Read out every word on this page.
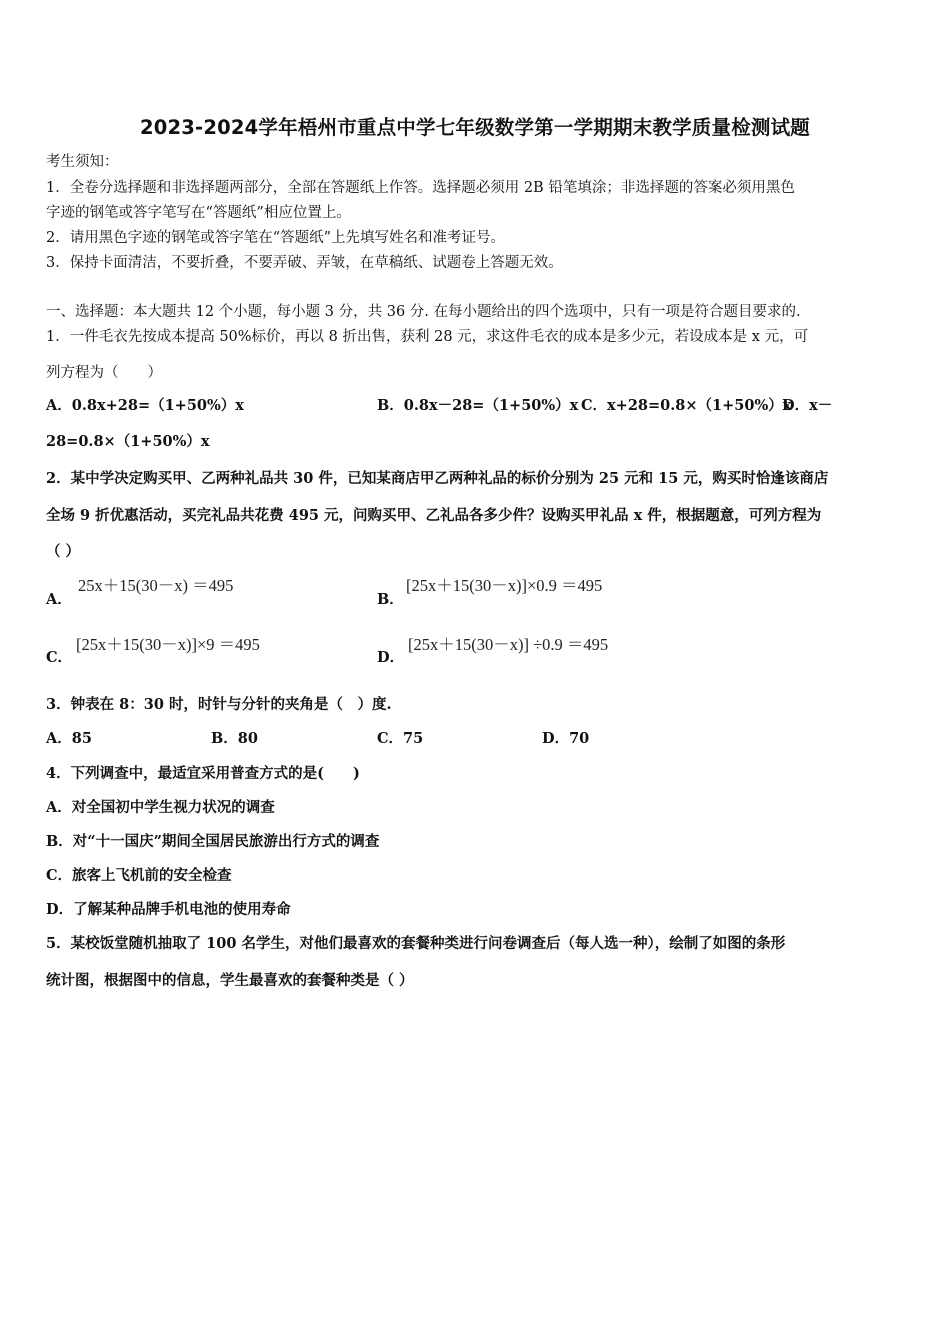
2023-2024学年梧州市重点中学七年级数学第一学期期末教学质量检测试题
考生须知：
1．全卷分选择题和非选择题两部分，全部在答题纸上作答。选择题必须用 2B 铅笔填涂；非选择题的答案必须用黑色
字迹的钢笔或答字笔写在“答题纸”相应位置上。
2．请用黑色字迹的钢笔或答字笔在“答题纸”上先填写姓名和准考证号。
3．保持卡面清洁，不要折叠，不要弄破、弄皱，在草稿纸、试题卷上答题无效。
一、选择题：本大题共 12 个小题，每小题 3 分，共 36 分. 在每小题给出的四个选项中，只有一项是符合题目要求的.
1．一件毛衣先按成本提高 50%标价，再以 8 折出售，获利 28 元，求这件毛衣的成本是多少元，若设成本是 x 元，可
列方程为（　　）
A．0.8x+28=（1+50%）x	B．0.8x－28=（1+50%）x C．x+28=0.8×（1+50%）x
D．x－
28=0.8×（1+50%）x
2．某中学决定购买甲、乙两种礼品共 30 件，已知某商店甲乙两种礼品的标价分别为 25 元和 15 元，购买时恰逢该商店
全场 9 折优惠活动，买完礼品共花费 495 元，问购买甲、乙礼品各多少件？设购买甲礼品 x 件，根据题意，可列方程为
（ ）
A．
25x＋15(30－x) ＝495
B．
[25x＋15(30－x)]×0.9 ＝495
C．
[25x＋15(30－x)]×9 ＝495
D．
[25x＋15(30－x)] ÷0.9 ＝495
3．钟表在 8：30 时，时针与分针的夹角是（　）度.
A．85	B．80	C．75	D．70
4．下列调查中，最适宜采用普查方式的是(　　)
A．对全国初中学生视力状况的调查
B．对“十一国庆”期间全国居民旅游出行方式的调查
C．旅客上飞机前的安全检查
D．了解某种品牌手机电池的使用寿命
5．某校饭堂随机抽取了 100 名学生，对他们最喜欢的套餐种类进行问卷调查后（每人选一种），绘制了如图的条形
统计图，根据图中的信息，学生最喜欢的套餐种类是（ ）
